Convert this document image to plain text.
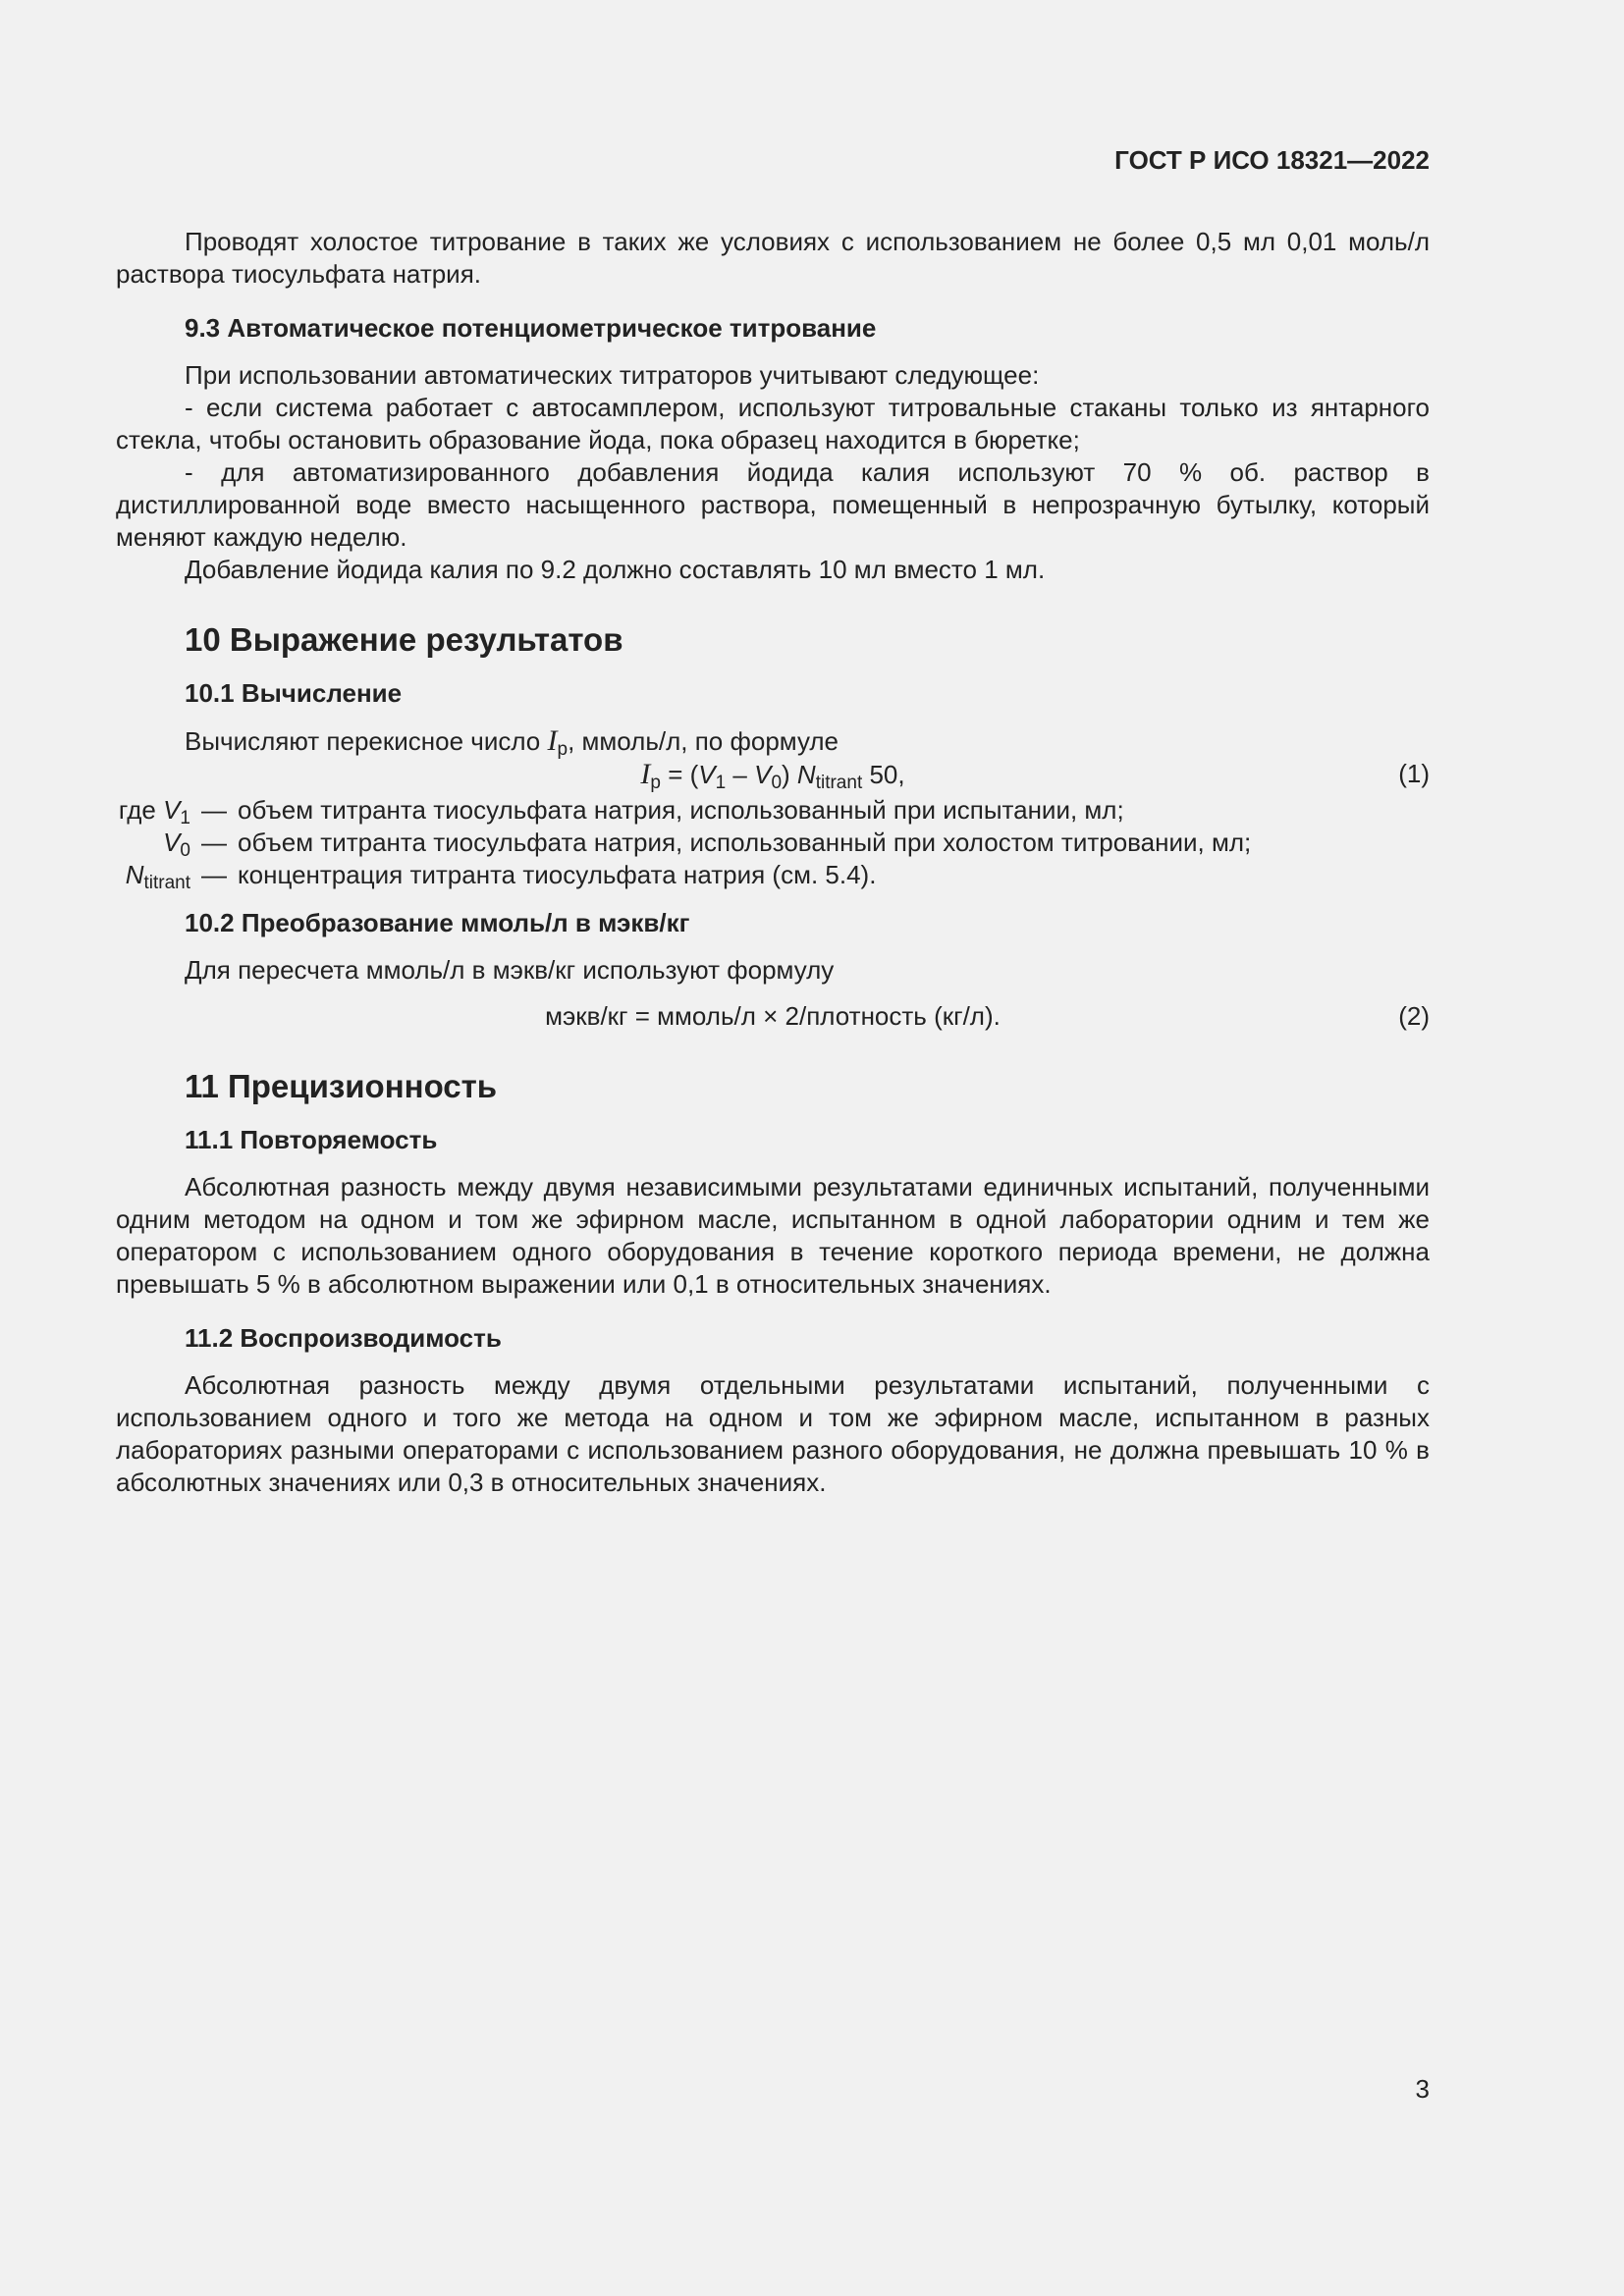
ГОСТ Р ИСО 18321—2022

Проводят холостое титрование в таких же условиях с использованием не более 0,5 мл 0,01 моль/л раствора тиосульфата натрия.

9.3 Автоматическое потенциометрическое титрование

При использовании автоматических титраторов учитывают следующее:

- если система работает с автосамплером, используют титровальные стаканы только из янтарного стекла, чтобы остановить образование йода, пока образец находится в бюретке;

- для автоматизированного добавления йодида калия используют 70 % об. раствор в дистиллированной воде вместо насыщенного раствора, помещенный в непрозрачную бутылку, который меняют каждую неделю.

Добавление йодида калия по 9.2 должно составлять 10 мл вместо 1 мл.

10 Выражение результатов

10.1 Вычисление

Вычисляют перекисное число $I_p$, ммоль/л, по формуле

$I_p = (V_1 - V_0)$ $N_{titrant}$ 50,	(1)
где $V_1$ — объем титранта тиосульфата натрия, использованный при испытании, мл;
$V_0$ — объем титранта тиосульфата натрия, использованный при холостом титровании, мл;
$N_{titrant}$ — концентрация титранта тиосульфата натрия (см. 5.4).

10.2 Преобразование ммоль/л в мэкв/кг

Для пересчета ммоль/л в мэкв/кг используют формулу

мэкв/кг = ммоль/л × 2/плотность (кг/л).	(2)

11 Прецизионность

11.1 Повторяемость

Абсолютная разность между двумя независимыми результатами единичных испытаний, полученными одним методом на одном и том же эфирном масле, испытанном в одной лаборатории одним и тем же оператором с использованием одного оборудования в течение короткого периода времени, не должна превышать 5 % в абсолютном выражении или 0,1 в относительных значениях.

11.2 Воспроизводимость

Абсолютная разность между двумя отдельными результатами испытаний, полученными с использованием одного и того же метода на одном и том же эфирном масле, испытанном в разных лабораториях разными операторами с использованием разного оборудования, не должна превышать 10 % в абсолютных значениях или 0,3 в относительных значениях.

3
